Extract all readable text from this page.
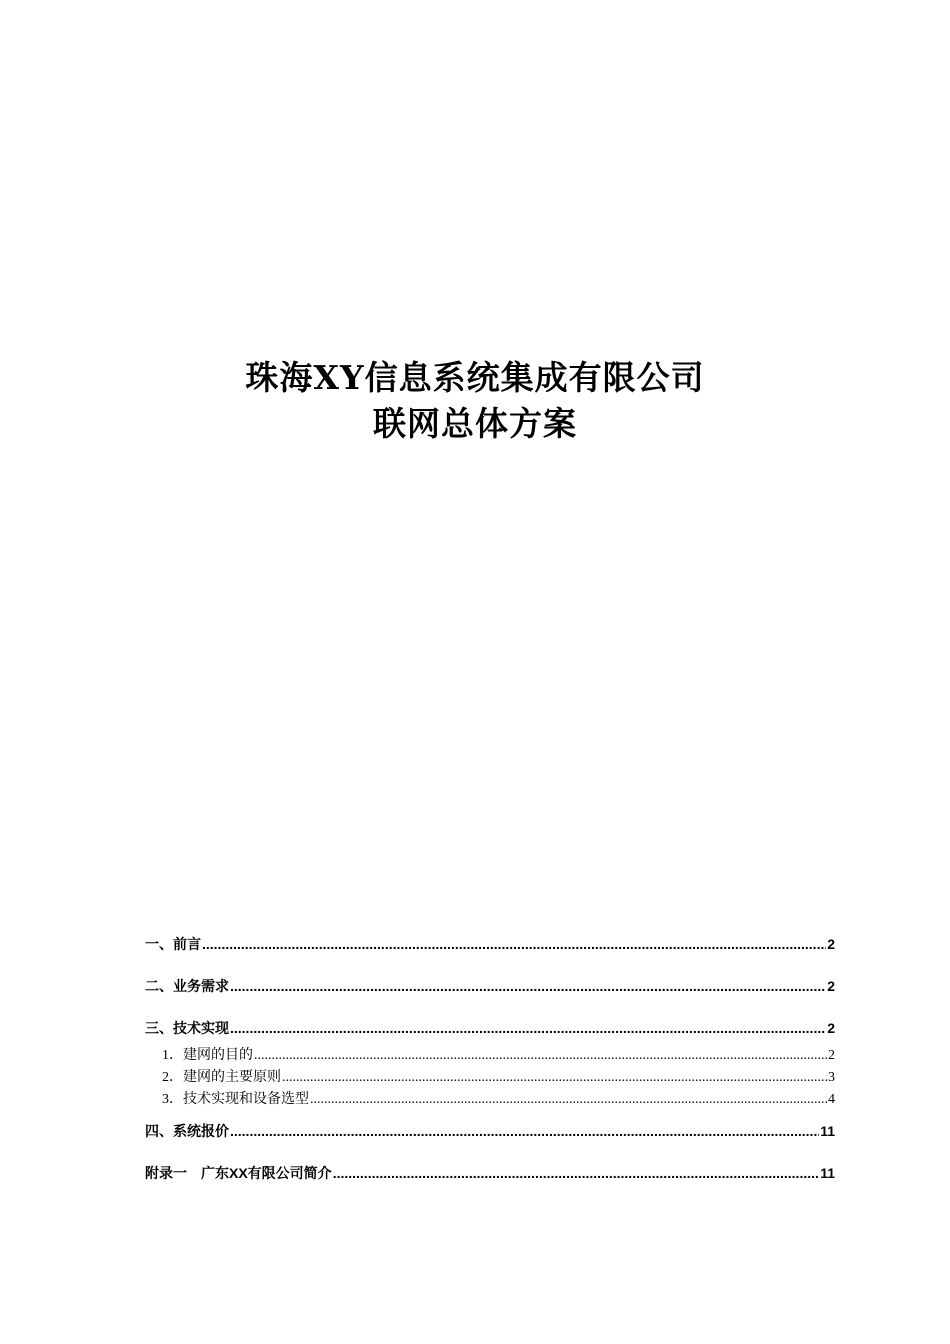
珠海XY信息系统集成有限公司
联网总体方案
一、前言 .....	2
二、业务需求 .....	2
三、技术实现 .....	2
1．建网的目的 .....	2
2．建网的主要原则 .....	3
3．技术实现和设备选型 .....	4
四、系统报价 .....	11
附录一　广东XX有限公司简介 .....	11
